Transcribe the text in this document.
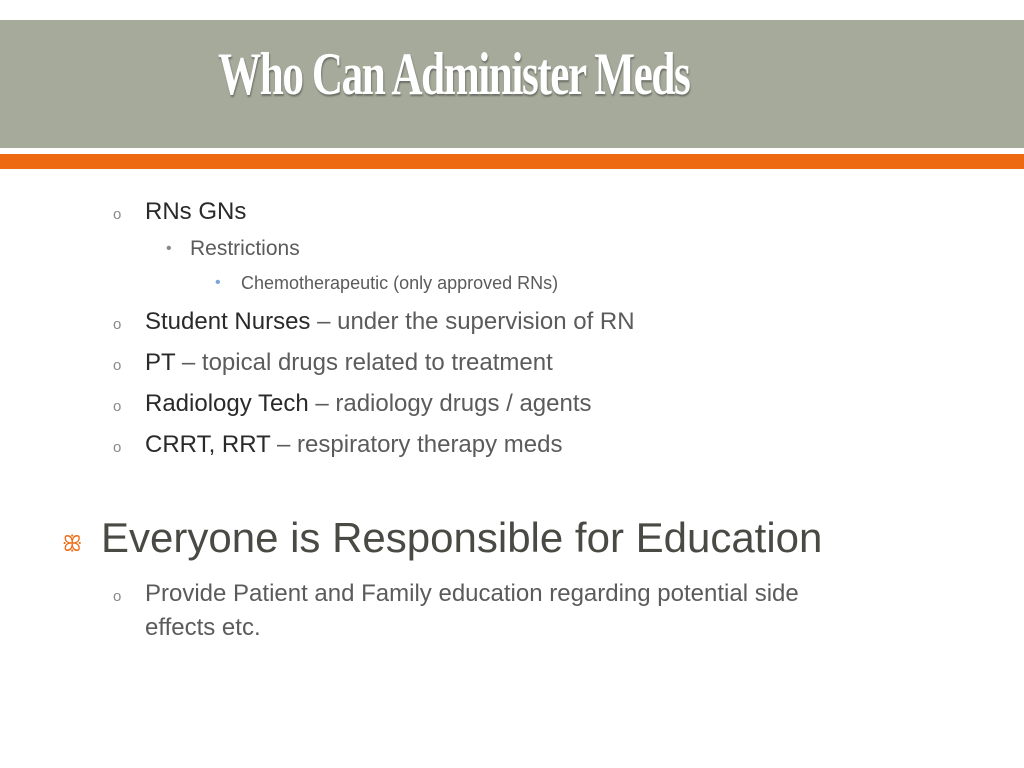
Who Can Administer Meds
o RNs GNs
• Restrictions
• Chemotherapeutic (only approved RNs)
o Student Nurses – under the supervision of RN
o PT – topical drugs related to treatment
o Radiology Tech – radiology drugs / agents
o CRRT, RRT – respiratory therapy meds
ꕥ Everyone is Responsible for Education
o Provide Patient and Family education regarding potential side
effects etc.
